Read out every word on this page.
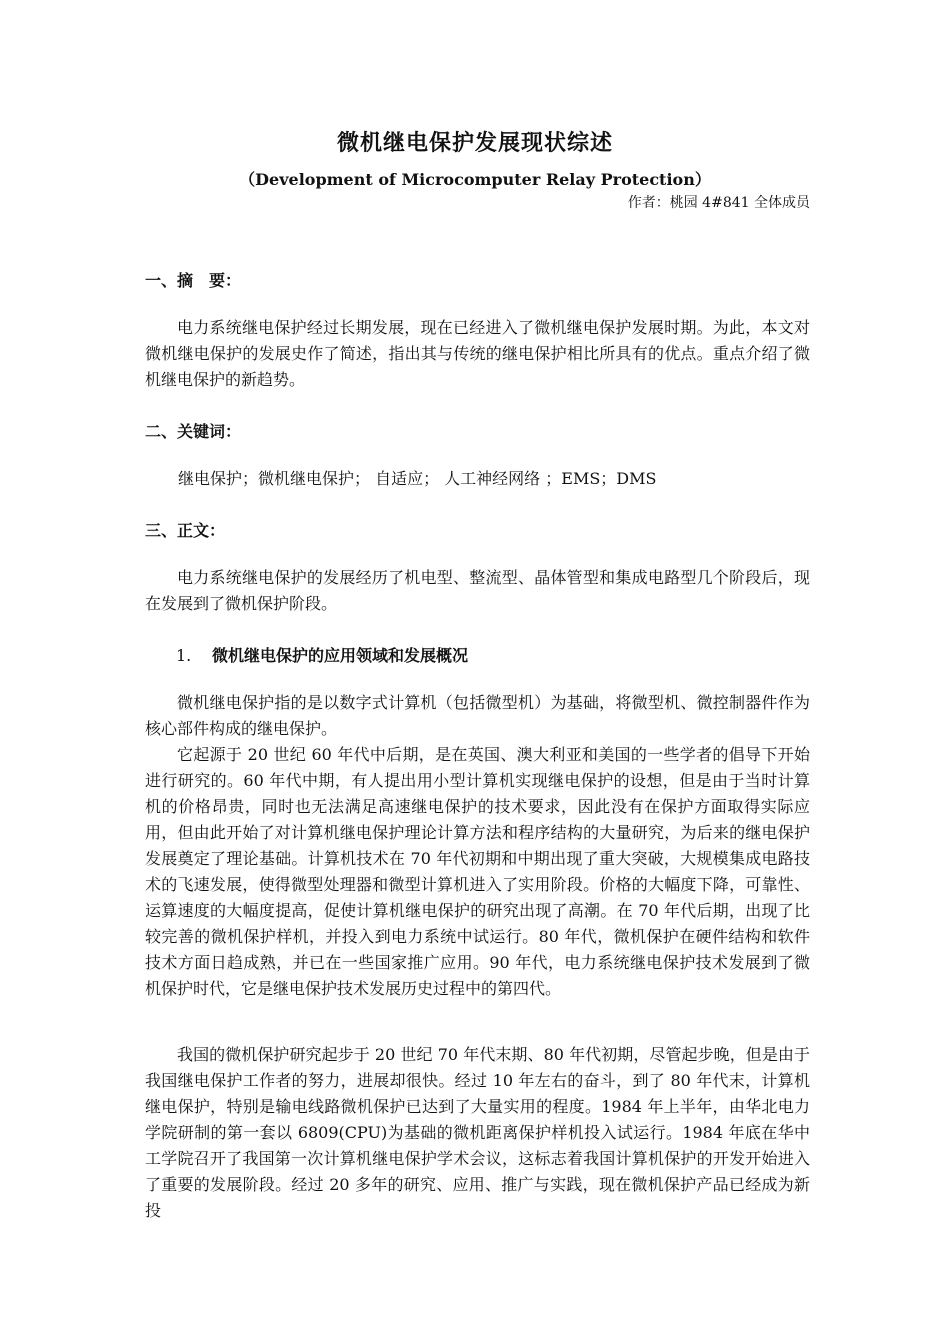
微机继电保护发展现状综述
（Development of Microcomputer Relay Protection）
作者：桃园 4#841 全体成员
一、摘　要：
电力系统继电保护经过长期发展，现在已经进入了微机继电保护发展时期。为此，本文对微机继电保护的发展史作了简述，指出其与传统的继电保护相比所具有的优点。重点介绍了微机继电保护的新趋势。
二、关键词：
继电保护；微机继电保护； 自适应； 人工神经网络 ；EMS；DMS
三、正文：
电力系统继电保护的发展经历了机电型、整流型、晶体管型和集成电路型几个阶段后，现在发展到了微机保护阶段。
1. 微机继电保护的应用领域和发展概况
微机继电保护指的是以数字式计算机（包括微型机）为基础，将微型机、微控制器件作为核心部件构成的继电保护。
它起源于 20 世纪 60 年代中后期，是在英国、澳大利亚和美国的一些学者的倡导下开始进行研究的。60 年代中期，有人提出用小型计算机实现继电保护的设想，但是由于当时计算机的价格昂贵，同时也无法满足高速继电保护的技术要求，因此没有在保护方面取得实际应用，但由此开始了对计算机继电保护理论计算方法和程序结构的大量研究，为后来的继电保护发展奠定了理论基础。计算机技术在 70 年代初期和中期出现了重大突破，大规模集成电路技术的飞速发展，使得微型处理器和微型计算机进入了实用阶段。价格的大幅度下降，可靠性、运算速度的大幅度提高，促使计算机继电保护的研究出现了高潮。在 70 年代后期，出现了比较完善的微机保护样机，并投入到电力系统中试运行。80 年代，微机保护在硬件结构和软件技术方面日趋成熟，并已在一些国家推广应用。90 年代，电力系统继电保护技术发展到了微机保护时代，它是继电保护技术发展历史过程中的第四代。
我国的微机保护研究起步于 20 世纪 70 年代末期、80 年代初期，尽管起步晚，但是由于我国继电保护工作者的努力，进展却很快。经过 10 年左右的奋斗，到了 80 年代末，计算机继电保护，特别是输电线路微机保护已达到了大量实用的程度。1984 年上半年，由华北电力学院研制的第一套以 6809(CPU)为基础的微机距离保护样机投入试运行。1984 年底在华中工学院召开了我国第一次计算机继电保护学术会议，这标志着我国计算机保护的开发开始进入了重要的发展阶段。经过 20 多年的研究、应用、推广与实践，现在微机保护产品已经成为新投
